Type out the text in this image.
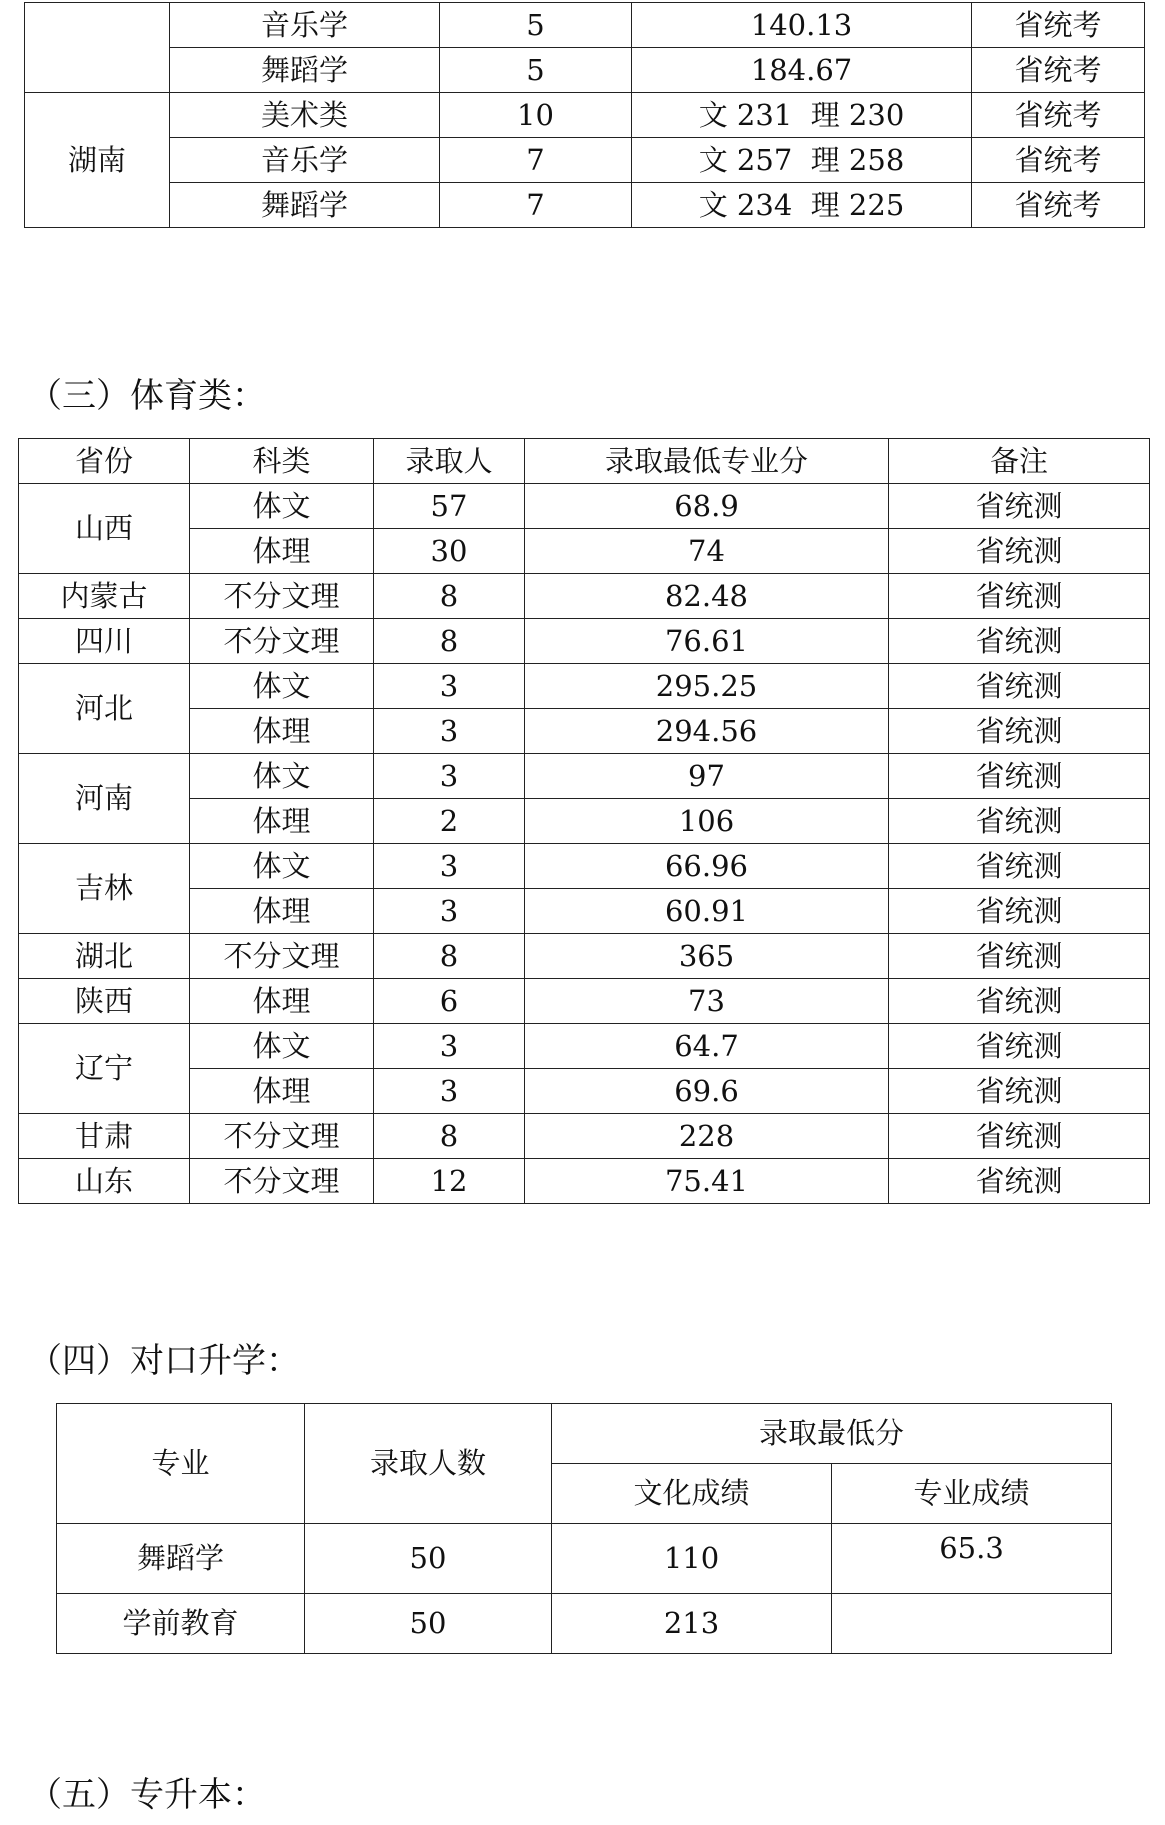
	音乐学	5	140.13	省统考
	舞蹈学	5	184.67	省统考
湖南	美术类	10	文 231  理 230	省统考
	音乐学	7	文 257  理 258	省统考
	舞蹈学	7	文 234  理 225	省统考
（三）体育类：
省份	科类	录取人	录取最低专业分	备注
山西	体文	57	68.9	省统测
	体理	30	74	省统测
内蒙古	不分文理	8	82.48	省统测
四川	不分文理	8	76.61	省统测
河北	体文	3	295.25	省统测
	体理	3	294.56	省统测
河南	体文	3	97	省统测
	体理	2	106	省统测
吉林	体文	3	66.96	省统测
	体理	3	60.91	省统测
湖北	不分文理	8	365	省统测
陕西	体理	6	73	省统测
辽宁	体文	3	64.7	省统测
	体理	3	69.6	省统测
甘肃	不分文理	8	228	省统测
山东	不分文理	12	75.41	省统测
（四）对口升学：
专业	录取人数	录取最低分	
		文化成绩	专业成绩
舞蹈学	50	110	65.3
学前教育	50	213	
（五）专升本：
